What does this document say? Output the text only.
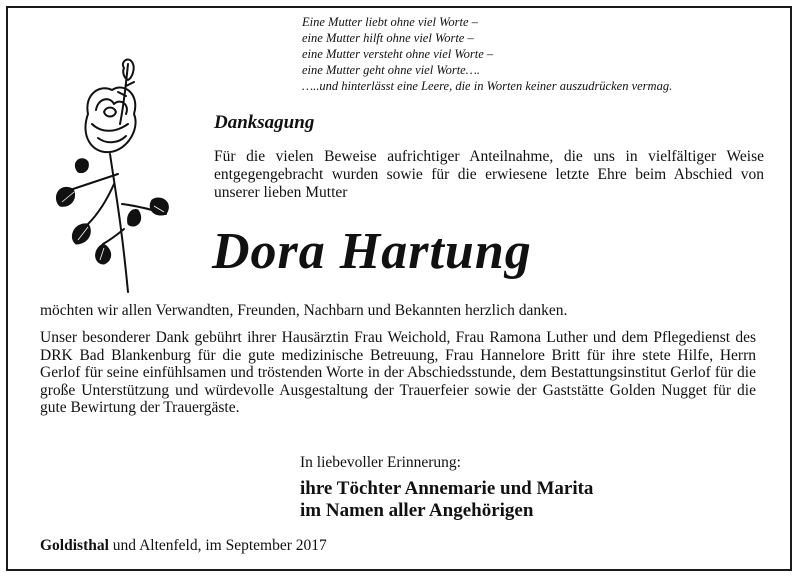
Eine Mutter liebt ohne viel Worte –
eine Mutter hilft ohne viel Worte –
eine Mutter versteht ohne viel Worte –
eine Mutter geht ohne viel Worte….
…..und hinterlässt eine Leere, die in Worten keiner auszudrücken vermag.
Danksagung
Für die vielen Beweise aufrichtiger Anteilnahme, die uns in vielfältiger Weise entgegengebracht wurden sowie für die erwiesene letzte Ehre beim Abschied von unserer lieben Mutter
Dora Hartung
möchten wir allen Verwandten, Freunden, Nachbarn und Bekannten herzlich danken.
Unser besonderer Dank gebührt ihrer Hausärztin Frau Weichold, Frau Ramona Luther und dem Pflegedienst des DRK Bad Blankenburg für die gute medizinische Betreuung, Frau Hannelore Britt für ihre stete Hilfe, Herrn Gerlof für seine einfühlsamen und tröstenden Worte in der Abschiedsstunde, dem Bestattungsinstitut Gerlof für die große Unterstützung und würdevolle Ausgestaltung der Trauerfeier sowie der Gaststätte Golden Nugget für die gute Bewirtung der Trauergäste.
In liebevoller Erinnerung:
ihre Töchter Annemarie und Marita
im Namen aller Angehörigen
Goldisthal und Altenfeld, im September 2017
